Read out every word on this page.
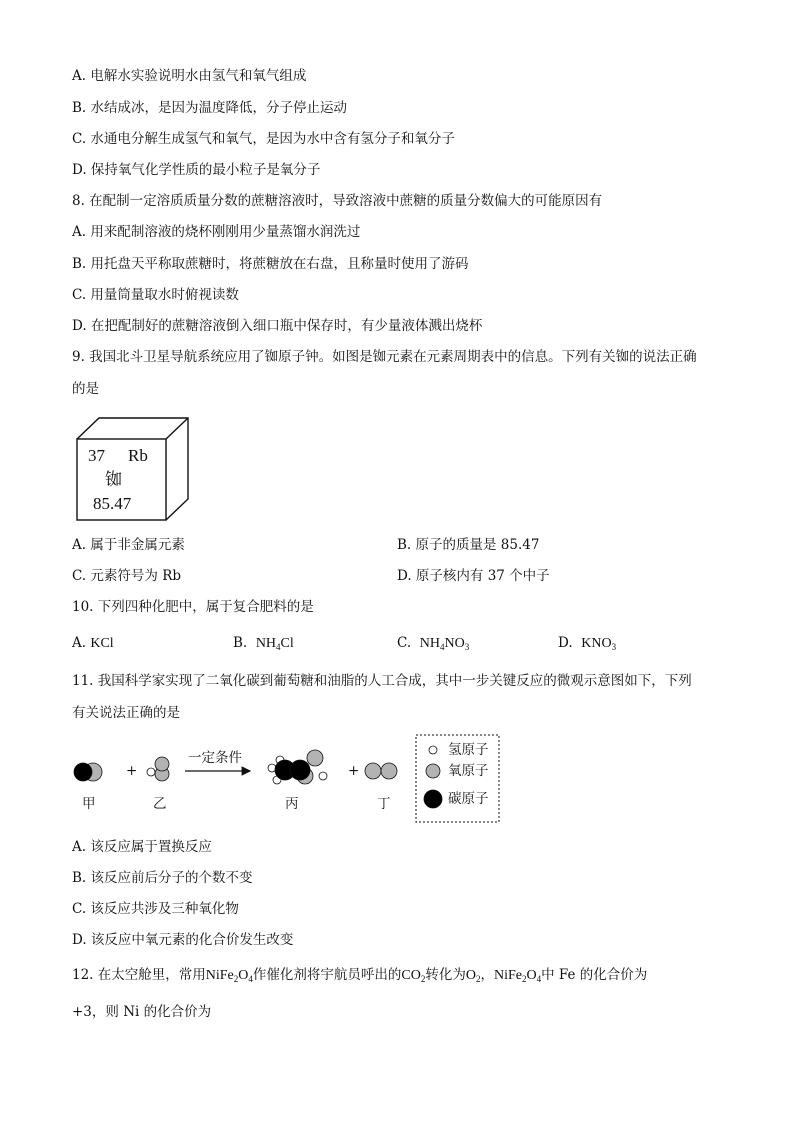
A. 电解水实验说明水由氢气和氧气组成
B. 水结成冰，是因为温度降低，分子停止运动
C. 水通电分解生成氢气和氧气，是因为水中含有氢分子和氧分子
D. 保持氧气化学性质的最小粒子是氧分子
8. 在配制一定溶质质量分数的蔗糖溶液时，导致溶液中蔗糖的质量分数偏大的可能原因有
A. 用来配制溶液的烧杯刚刚用少量蒸馏水润洗过
B. 用托盘天平称取蔗糖时，将蔗糖放在右盘，且称量时使用了游码
C. 用量筒量取水时俯视读数
D. 在把配制好的蔗糖溶液倒入细口瓶中保存时，有少量液体溅出烧杯
9. 我国北斗卫星导航系统应用了铷原子钟。如图是铷元素在元素周期表中的信息。下列有关铷的说法正确
的是
37 Rb
铷
85.47
A. 属于非金属元素	B. 原子的质量是 85.47
C. 元素符号为 Rb	D. 原子核内有 37 个中子
10. 下列四种化肥中，属于复合肥料的是
A. KCl	B. $NH_4Cl$	C. $NH_4NO_3$	D. $KNO_3$
11. 我国科学家实现了二氧化碳到葡萄糖和油脂的人工合成，其中一步关键反应的微观示意图如下，下列
有关说法正确的是
+
一定条件
+
甲	乙	丙	丁
氢原子
氧原子
碳原子
A. 该反应属于置换反应
B. 该反应前后分子的个数不变
C. 该反应共涉及三种氧化物
D. 该反应中氧元素的化合价发生改变
12. 在太空舱里，常用$NiFe_2O_4$作催化剂将宇航员呼出的$CO_2$转化为$O_2$，$NiFe_2O_4$中 Fe 的化合价为
+3，则 Ni 的化合价为
